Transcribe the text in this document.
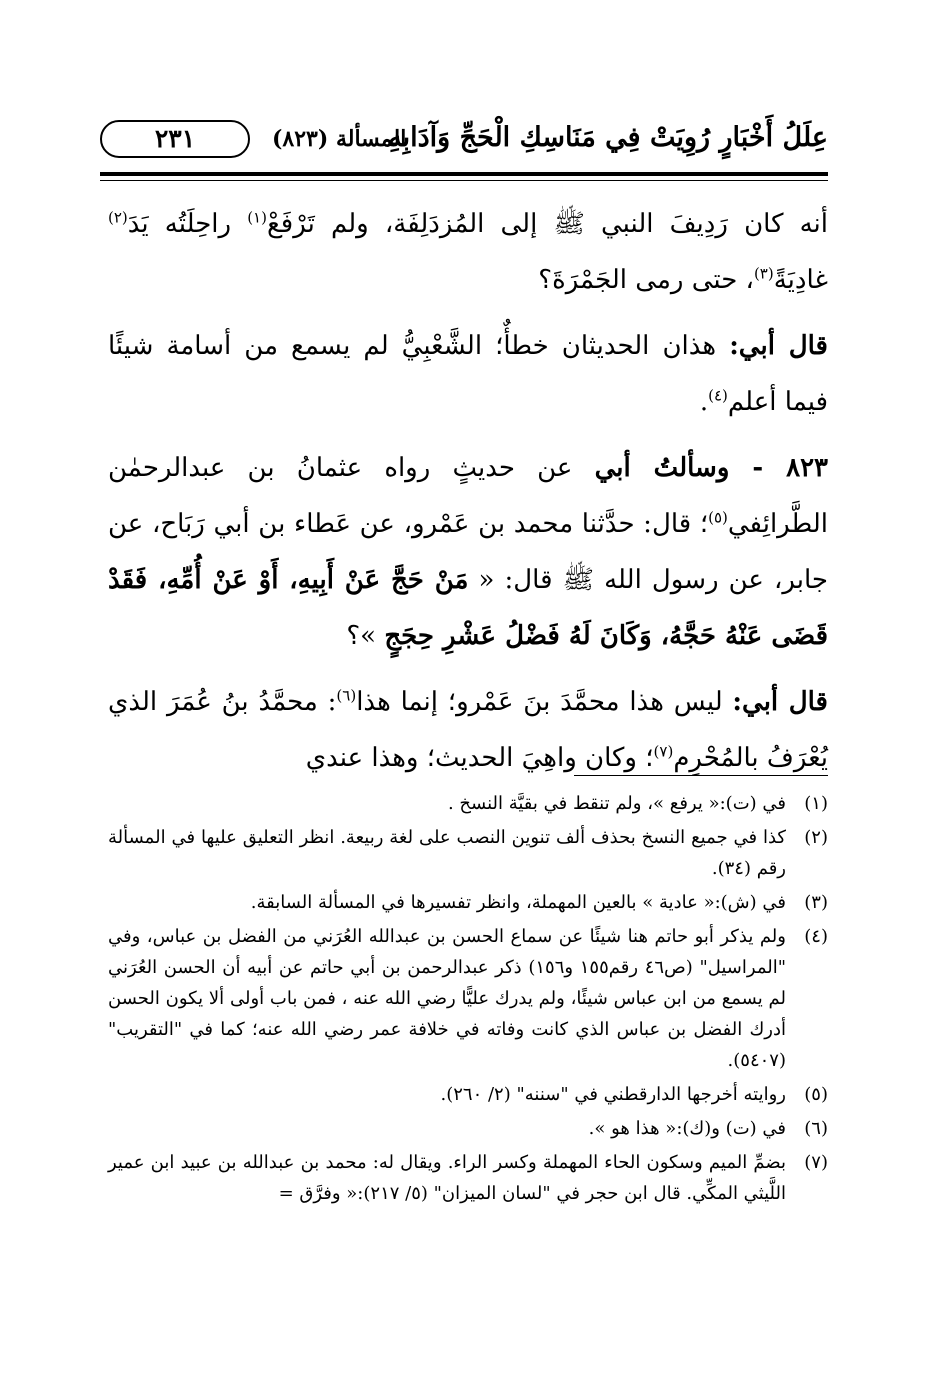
عِلَلُ أَخْبَارٍ رُوِيَتْ فِي مَنَاسِكِ الْحَجِّ وَآدَابِهِ
المسألة (٨٢٣)
٢٣١

أنه كان رَدِيفَ النبي ﷺ إلى المُزدَلِفَة، ولم تَرْفَعْ$^{(١)}$ راحِلَتُه يَدَ$^{(٢)}$ غادِيَةً$^{(٣)}$، حتى رمى الجَمْرَةَ؟

قال أبي: هذان الحديثان خطأٌ؛ الشَّعْبِيُّ لم يسمع من أسامة شيئًا فيما أعلم$^{(٤)}$.

٨٢٣ - وسألتُ أبي عن حديثٍ رواه عثمانُ بن عبدالرحمٰن الطَّرائِفي$^{(٥)}$؛ قال: حدَّثنا محمد بن عَمْرو، عن عَطاء بن أبي رَبَاح، عن جابر، عن رسول الله ﷺ قال: « مَنْ حَجَّ عَنْ أَبِيهِ، أَوْ عَنْ أُمِّهِ، فَقَدْ قَضَى عَنْهُ حَجَّهُ، وَكَانَ لَهُ فَضْلُ عَشْرِ حِجَجٍ »؟

قال أبي: ليس هذا محمَّدَ بنَ عَمْرو؛ إنما هذا$^{(٦)}$: محمَّدُ بنُ عُمَرَ الذي يُعْرَفُ بالمُحْرِم$^{(٧)}$؛ وكان واهِيَ الحديث؛ وهذا عندي

(١)
في (ت):« يرفع »، ولم تنقط في بقيَّة النسخ .
(٢)
كذا في جميع النسخ بحذف ألف تنوين النصب على لغة ربيعة. انظر التعليق عليها في المسألة رقم (٣٤).
(٣)
في (ش):« عادية » بالعين المهملة، وانظر تفسيرها في المسألة السابقة.
(٤)
ولم يذكر أبو حاتم هنا شيئًا عن سماع الحسن بن عبدالله العُرَني من الفضل بن عباس، وفي "المراسيل" (ص٤٦ رقم١٥٥ و١٥٦) ذكر عبدالرحمن بن أبي حاتم عن أبيه أن الحسن العُرَني لم يسمع من ابن عباس شيئًا، ولم يدرك عليًّا رضي الله عنه ، فمن باب أولى ألا يكون الحسن أدرك الفضل بن عباس الذي كانت وفاته في خلافة عمر رضي الله عنه؛ كما في "التقريب" (٥٤٠٧).
(٥)
روايته أخرجها الدارقطني في "سننه" (٢/ ٢٦٠).
(٦)
في (ت) و(ك):« هذا هو ».
(٧)
بضمِّ الميم وسكون الحاء المهملة وكسر الراء. ويقال له: محمد بن عبدالله بن عبيد ابن عمير اللَّيثي المكِّي. قال ابن حجر في "لسان الميزان" (٥/ ٢١٧):« وفرَّق =
